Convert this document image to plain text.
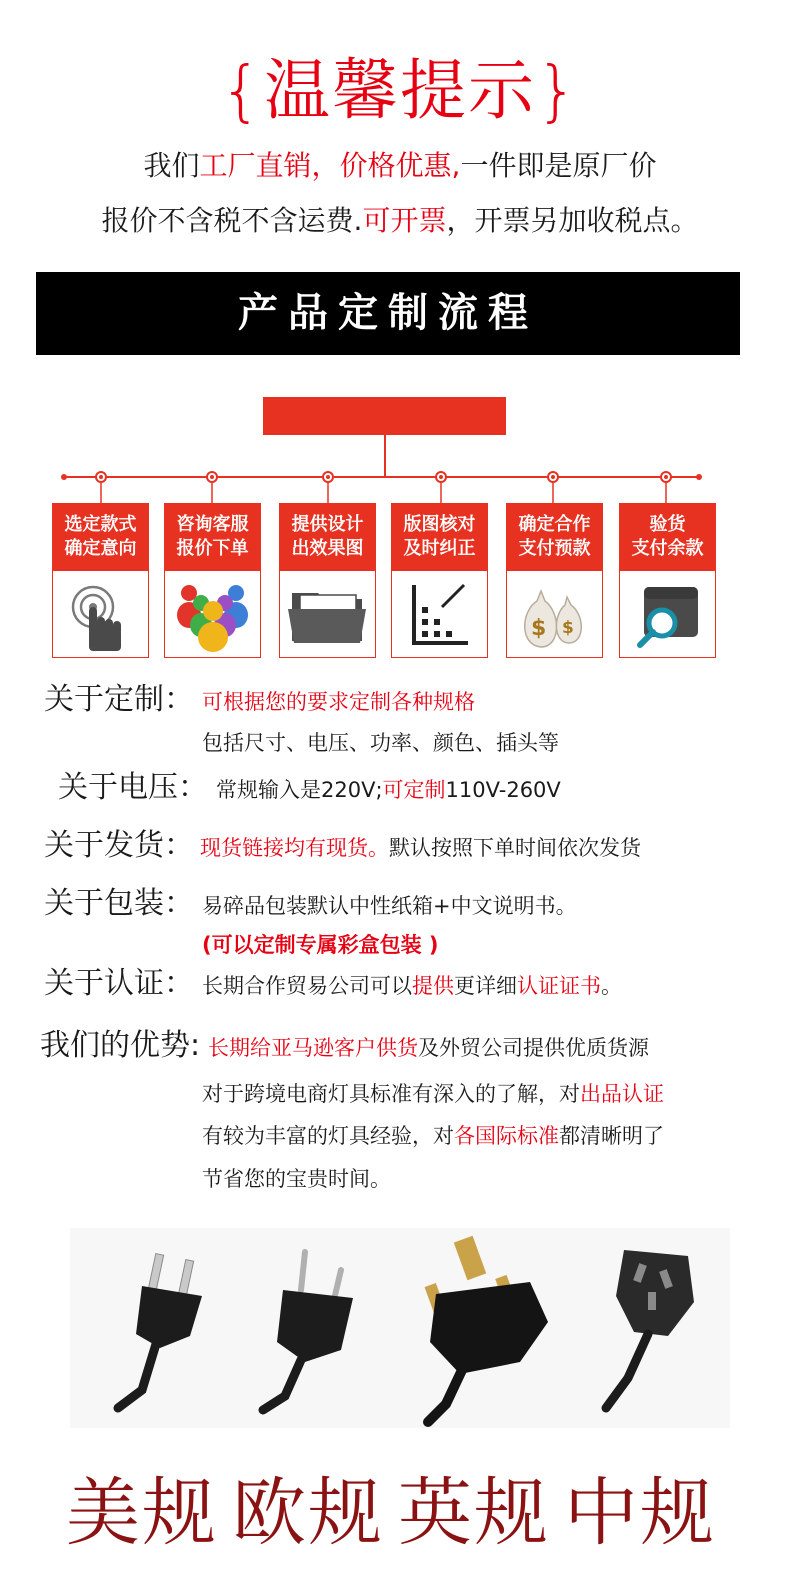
{温馨提示}
我们工厂直销，价格优惠,一件即是原厂价
报价不含税不含运费.可开票，开票另加收税点。
产品定制流程
选定款式
确定意向
咨询客服
报价下单
提供设计
出效果图
版图核对
及时纠正
确定合作
支付预款
$ $
验货
支付余款
关于定制： 可根据您的要求定制各种规格
包括尺寸、电压、功率、颜色、插头等
关于电压： 常规输入是220V;可定制110V-260V
关于发货： 现货链接均有现货。默认按照下单时间依次发货
关于包装： 易碎品包装默认中性纸箱+中文说明书。
(可以定制专属彩盒包装 )
关于认证： 长期合作贸易公司可以提供更详细认证证书。
我们的优势: 长期给亚马逊客户供货及外贸公司提供优质货源
对于跨境电商灯具标准有深入的了解，对出品认证
有较为丰富的灯具经验，对各国际标准都清晰明了
节省您的宝贵时间。
美规 欧规 英规 中规
